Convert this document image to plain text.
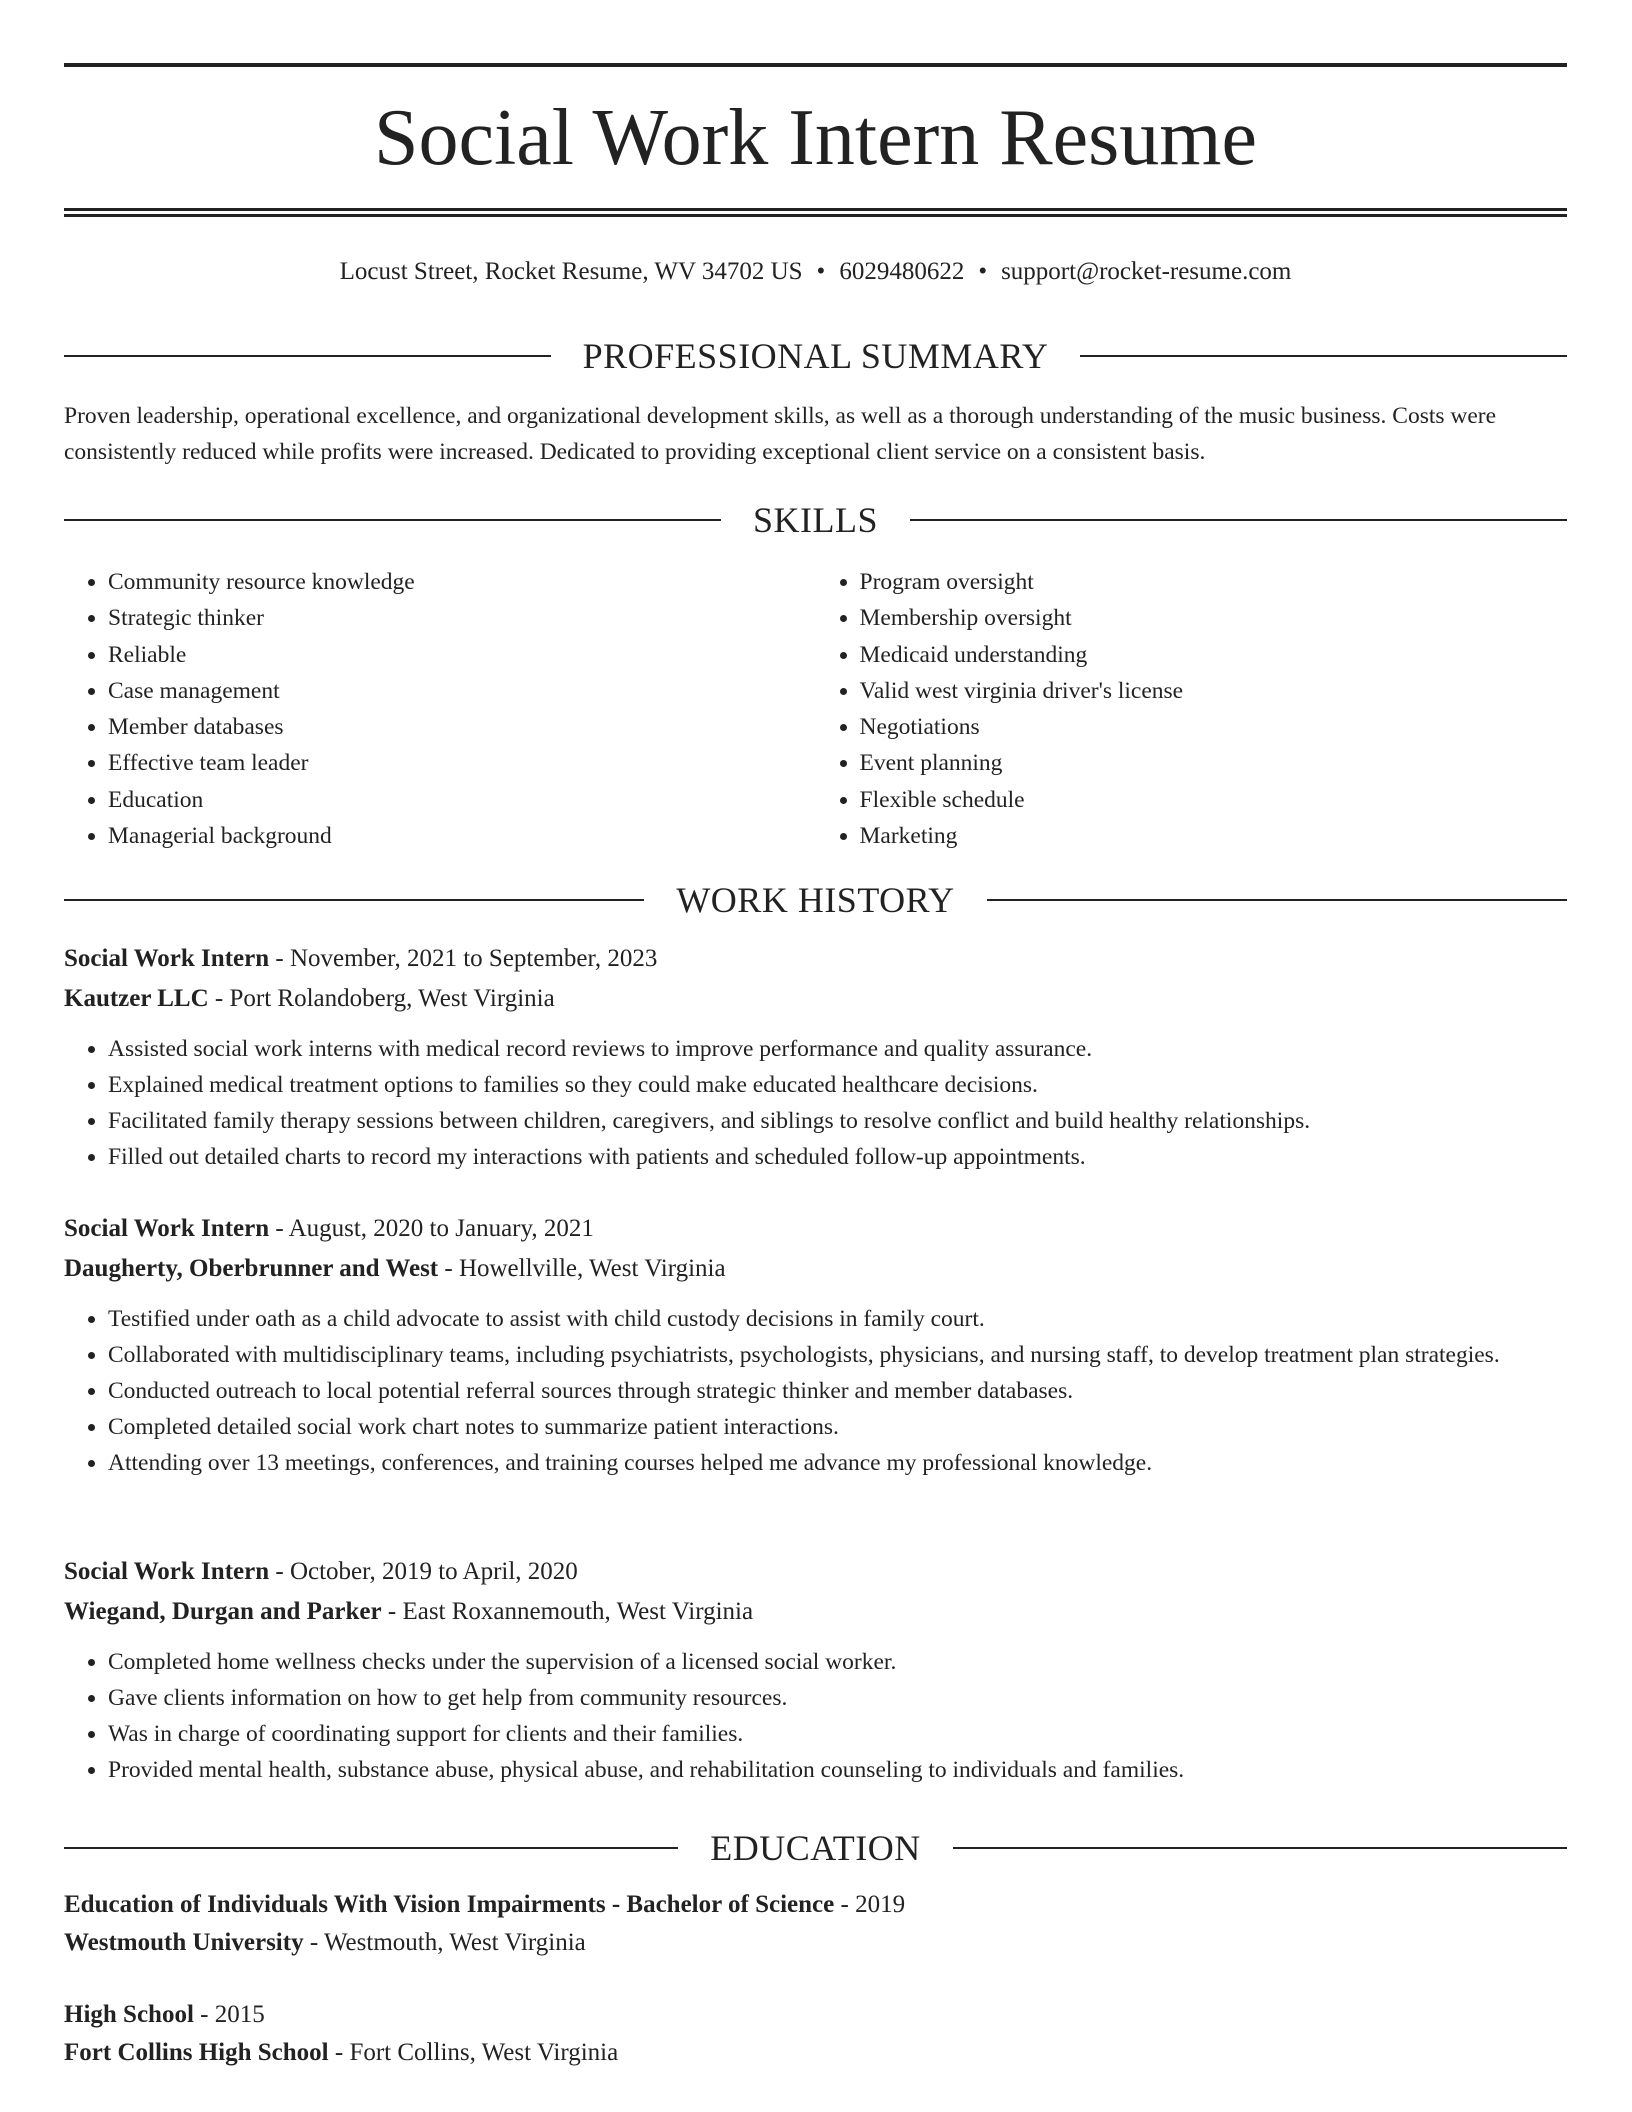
Social Work Intern Resume
Locust Street, Rocket Resume, WV 34702 US • 6029480622 • support@rocket-resume.com
PROFESSIONAL SUMMARY

Proven leadership, operational excellence, and organizational development skills, as well as a thorough understanding of the music business. Costs were consistently reduced while profits were increased. Dedicated to providing exceptional client service on a consistent basis.

SKILLS
• Community resource knowledge
• Strategic thinker
• Reliable
• Case management
• Member databases
• Effective team leader
• Education
• Managerial background
• Program oversight
• Membership oversight
• Medicaid understanding
• Valid west virginia driver's license
• Negotiations
• Event planning
• Flexible schedule
• Marketing
WORK HISTORY

Social Work Intern - November, 2021 to September, 2023

Kautzer LLC - Port Rolandoberg, West Virginia

• Assisted social work interns with medical record reviews to improve performance and quality assurance.
• Explained medical treatment options to families so they could make educated healthcare decisions.
• Facilitated family therapy sessions between children, caregivers, and siblings to resolve conflict and build healthy relationships.
• Filled out detailed charts to record my interactions with patients and scheduled follow-up appointments.

Social Work Intern - August, 2020 to January, 2021

Daugherty, Oberbrunner and West - Howellville, West Virginia

• Testified under oath as a child advocate to assist with child custody decisions in family court.
• Collaborated with multidisciplinary teams, including psychiatrists, psychologists, physicians, and nursing staff, to develop treatment plan strategies.
• Conducted outreach to local potential referral sources through strategic thinker and member databases.
• Completed detailed social work chart notes to summarize patient interactions.
• Attending over 13 meetings, conferences, and training courses helped me advance my professional knowledge.

Social Work Intern - October, 2019 to April, 2020

Wiegand, Durgan and Parker - East Roxannemouth, West Virginia

• Completed home wellness checks under the supervision of a licensed social worker.
• Gave clients information on how to get help from community resources.
• Was in charge of coordinating support for clients and their families.
• Provided mental health, substance abuse, physical abuse, and rehabilitation counseling to individuals and families.
EDUCATION

Education of Individuals With Vision Impairments - Bachelor of Science - 2019

Westmouth University - Westmouth, West Virginia

High School - 2015

Fort Collins High School - Fort Collins, West Virginia
